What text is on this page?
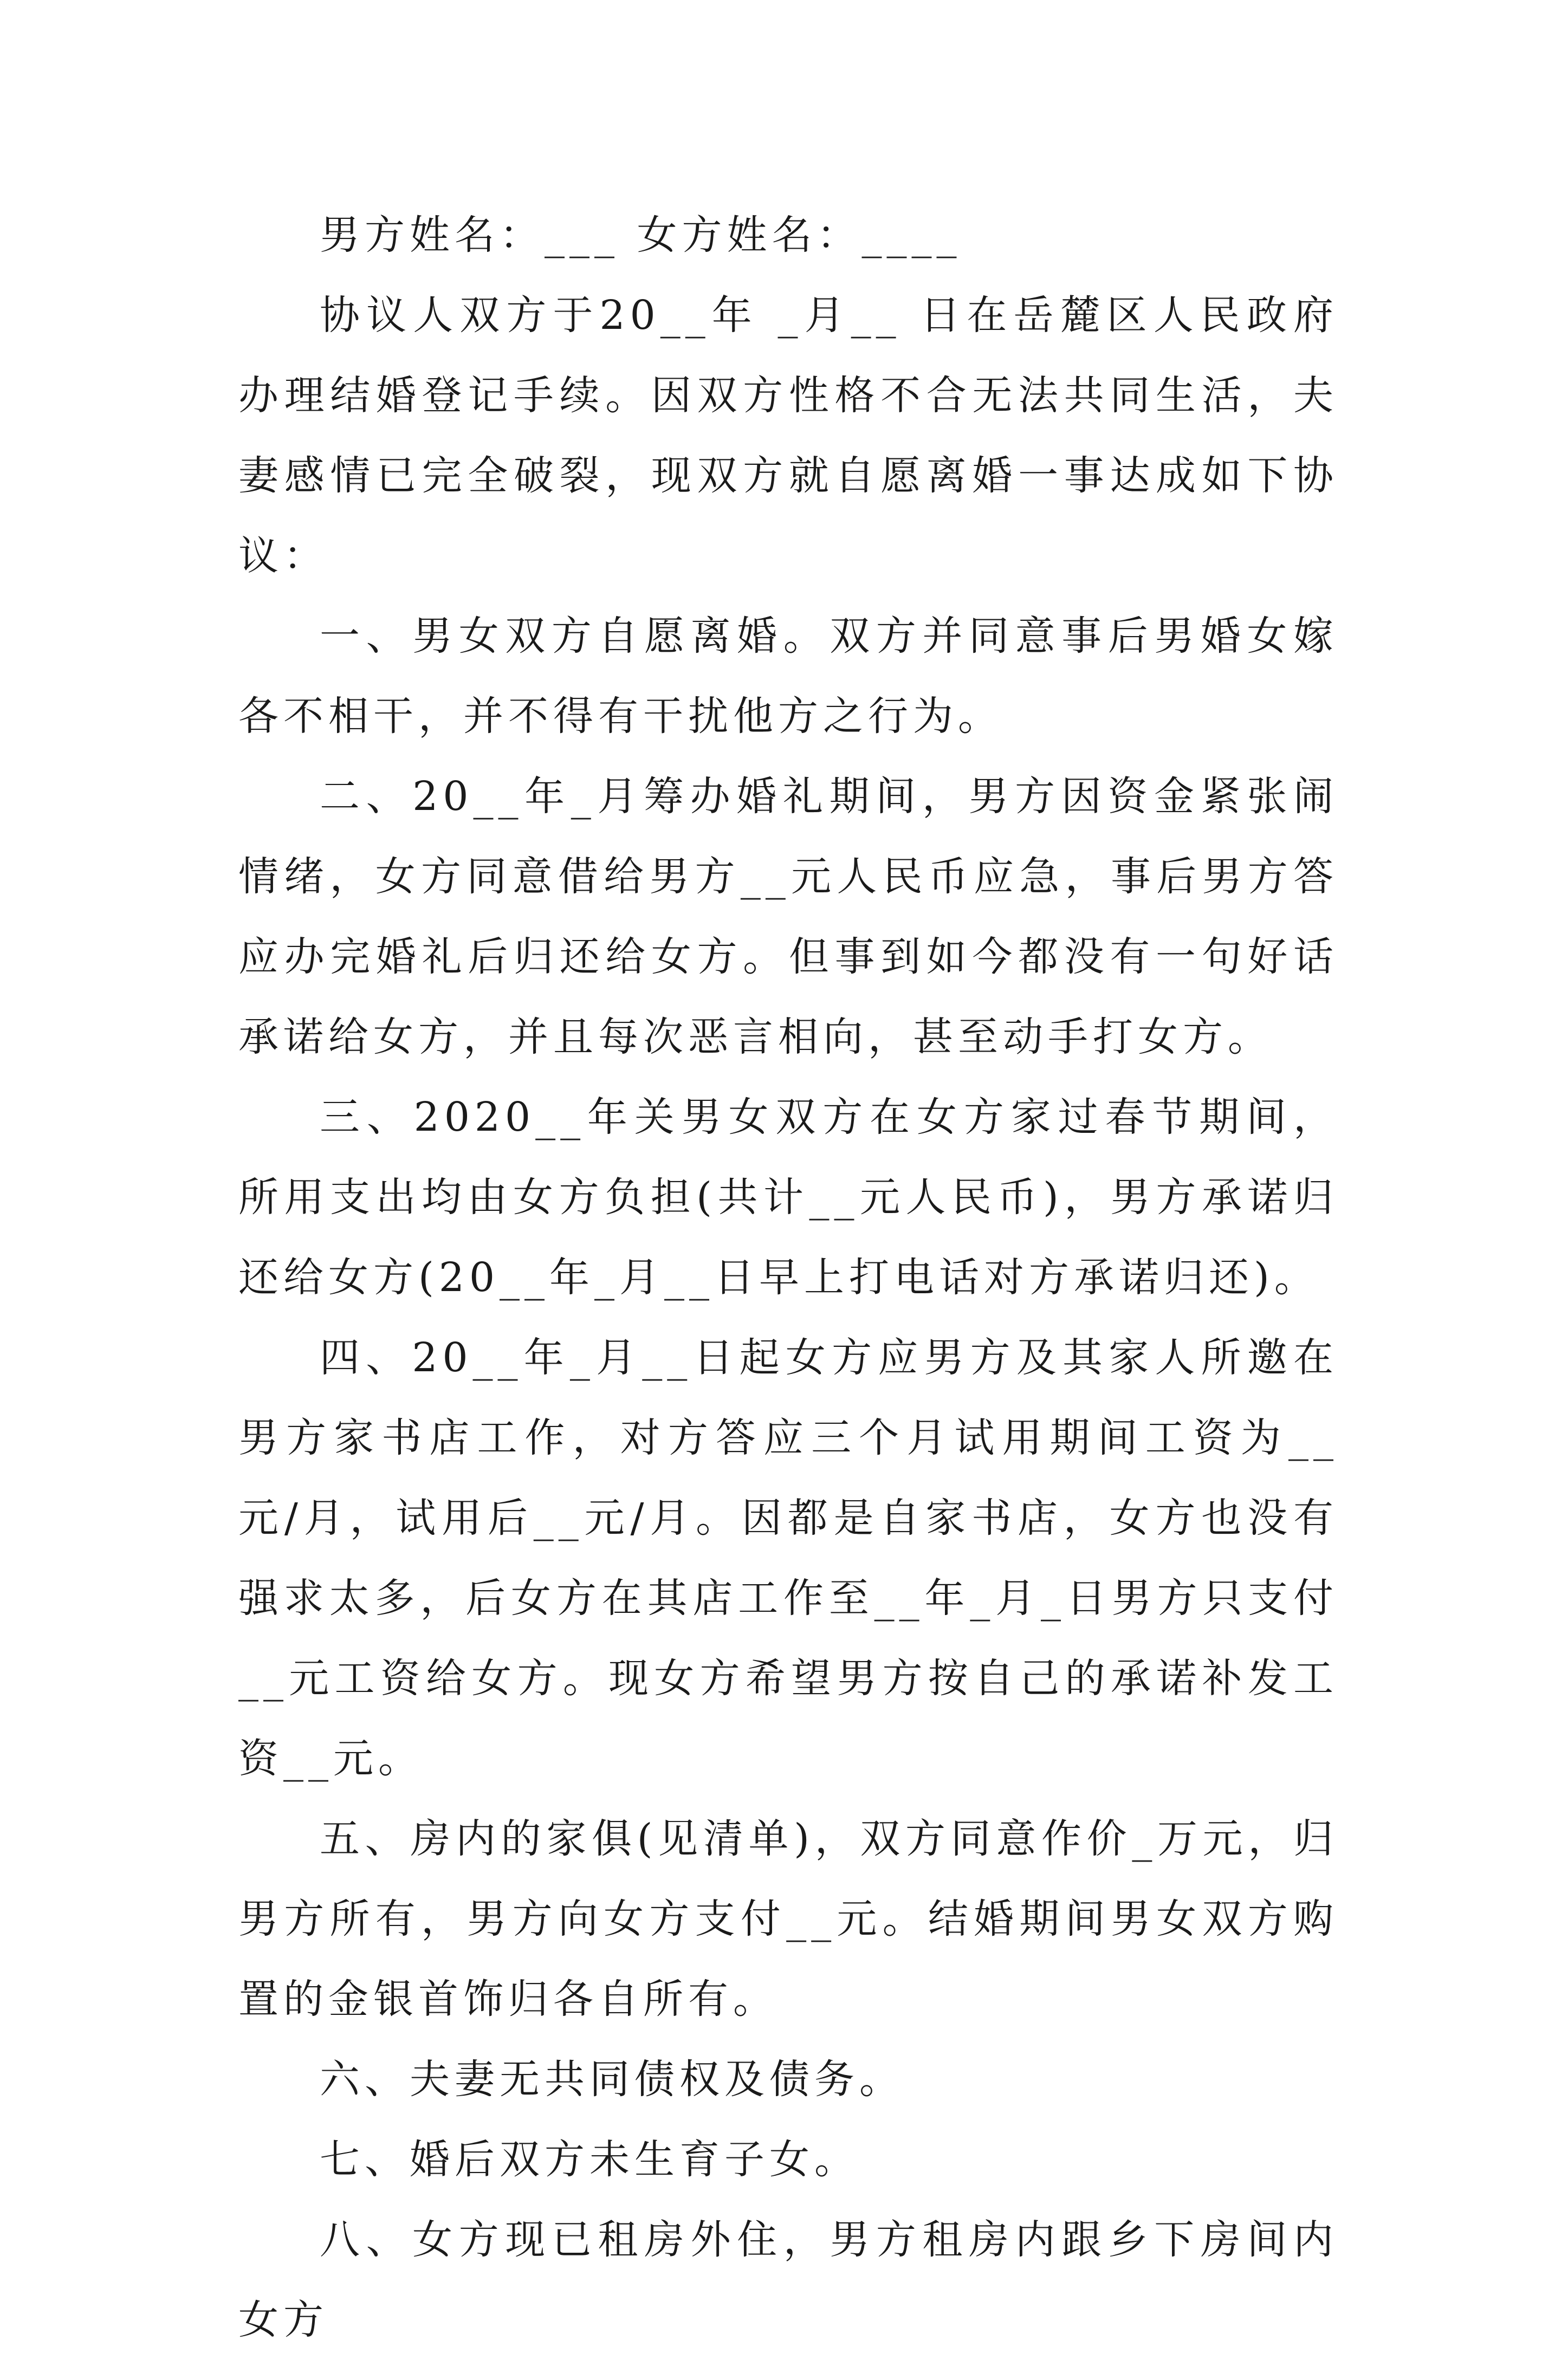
男方姓名：___ 女方姓名：____

协议人双方于20__年 _月__ 日在岳麓区人民政府办理结婚登记手续。因双方性格不合无法共同生活，夫妻感情已完全破裂，现双方就自愿离婚一事达成如下协议：

一、男女双方自愿离婚。双方并同意事后男婚女嫁各不相干，并不得有干扰他方之行为。

二、20__年_月筹办婚礼期间，男方因资金紧张闹情绪，女方同意借给男方__元人民币应急，事后男方答应办完婚礼后归还给女方。但事到如今都没有一句好话承诺给女方，并且每次恶言相向，甚至动手打女方。

三、2020__年关男女双方在女方家过春节期间，所用支出均由女方负担(共计__元人民币)，男方承诺归还给女方(20__年_月__日早上打电话对方承诺归还)。

四、20__年_月__日起女方应男方及其家人所邀在男方家书店工作，对方答应三个月试用期间工资为__元/月，试用后__元/月。因都是自家书店，女方也没有强求太多，后女方在其店工作至__年_月_日男方只支付__元工资给女方。现女方希望男方按自己的承诺补发工资__元。

五、房内的家俱(见清单)，双方同意作价_万元，归男方所有，男方向女方支付__元。结婚期间男女双方购置的金银首饰归各自所有。

六、夫妻无共同债权及债务。

七、婚后双方未生育子女。

八、女方现已租房外住，男方租房内跟乡下房间内女方
